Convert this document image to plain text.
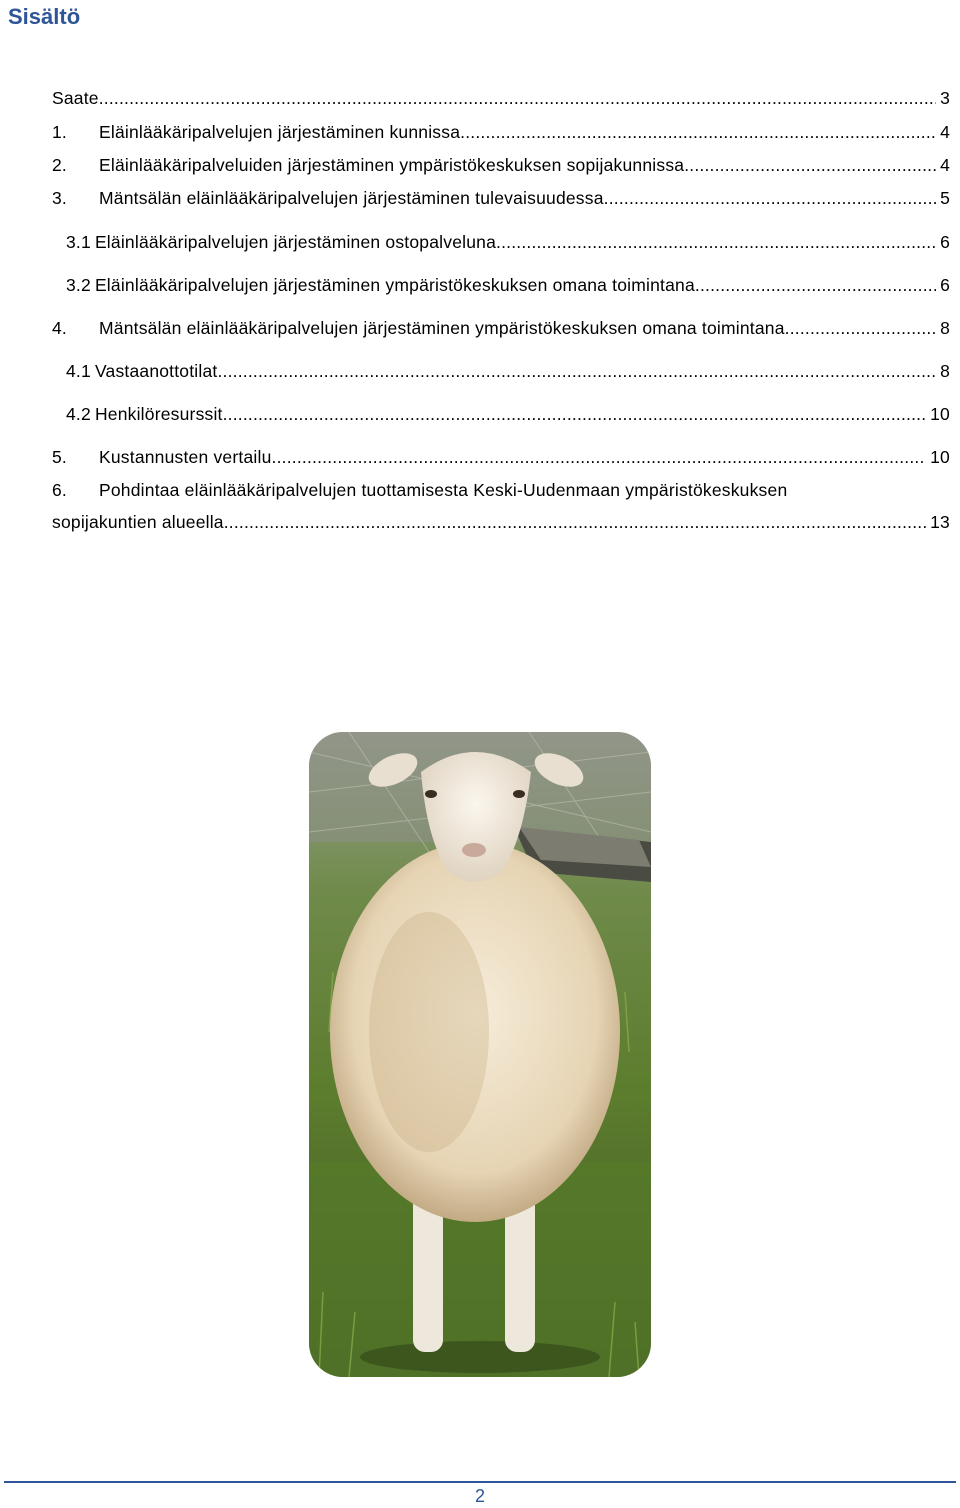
Sisältö
Saate .....	3
1.	Eläinlääkäripalvelujen järjestäminen kunnissa .....	4
2.	Eläinlääkäripalveluiden järjestäminen ympäristökeskuksen sopijakunnissa .....	4
3.	Mäntsälän eläinlääkäripalvelujen järjestäminen tulevaisuudessa .....	5
3.1 Eläinlääkäripalvelujen järjestäminen ostopalveluna .....	6
3.2 Eläinlääkäripalvelujen järjestäminen ympäristökeskuksen omana toimintana .....	6
4.	Mäntsälän eläinlääkäripalvelujen järjestäminen ympäristökeskuksen omana toimintana .....	8
4.1 Vastaanottotilat .....	8
4.2 Henkilöresurssit .....	10
5.	Kustannusten vertailu .....	10
6.	Pohdintaa eläinlääkäripalvelujen tuottamisesta Keski-Uudenmaan ympäristökeskuksen
sopijakuntien alueella .....	13
2
